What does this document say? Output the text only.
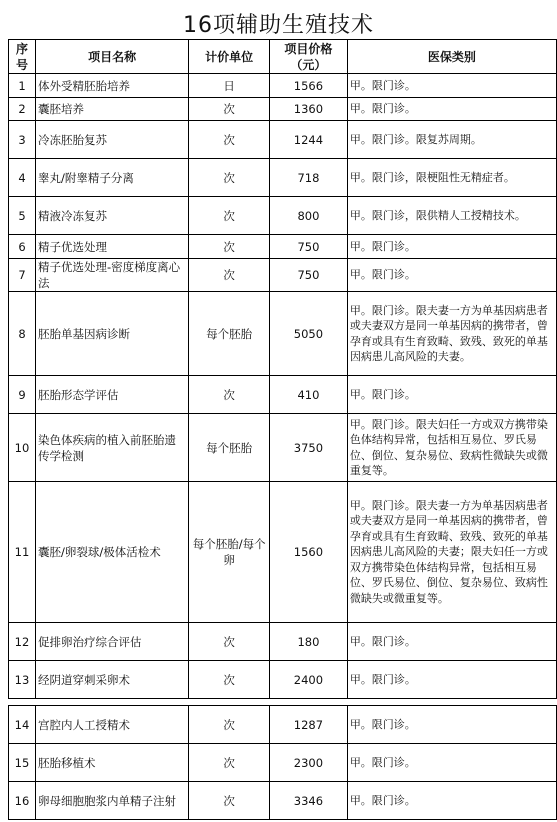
16项辅助生殖技术
序号	项目名称	计价单位	项目价格（元）	医保类别
1	体外受精胚胎培养	日	1566	甲。限门诊。
2	囊胚培养	次	1360	甲。限门诊。
3	冷冻胚胎复苏	次	1244	甲。限门诊。限复苏周期。
4	睾丸/附睾精子分离	次	718	甲。限门诊，限梗阻性无精症者。
5	精液冷冻复苏	次	800	甲。限门诊，限供精人工授精技术。
6	精子优选处理	次	750	甲。限门诊。
7	精子优选处理-密度梯度离心法	次	750	甲。限门诊。
8	胚胎单基因病诊断	每个胚胎	5050	甲。限门诊。限夫妻一方为单基因病患者或夫妻双方是同一单基因病的携带者，曾孕育或具有生育致畸、致残、致死的单基因病患儿高风险的夫妻。
9	胚胎形态学评估	次	410	甲。限门诊。
10	染色体疾病的植入前胚胎遗传学检测	每个胚胎	3750	甲。限门诊。限夫妇任一方或双方携带染色体结构异常，包括相互易位、罗氏易位、倒位、复杂易位、致病性微缺失或微重复等。
11	囊胚/卵裂球/极体活检术	每个胚胎/每个卵	1560	甲。限门诊。限夫妻一方为单基因病患者或夫妻双方是同一单基因病的携带者，曾孕育或具有生育致畸、致残、致死的单基因病患儿高风险的夫妻；限夫妇任一方或双方携带染色体结构异常，包括相互易位、罗氏易位、倒位、复杂易位、致病性微缺失或微重复等。
12	促排卵治疗综合评估	次	180	甲。限门诊。
13	经阴道穿刺采卵术	次	2400	甲。限门诊。
14	宫腔内人工授精术	次	1287	甲。限门诊。
15	胚胎移植术	次	2300	甲。限门诊。
16	卵母细胞胞浆内单精子注射	次	3346	甲。限门诊。
